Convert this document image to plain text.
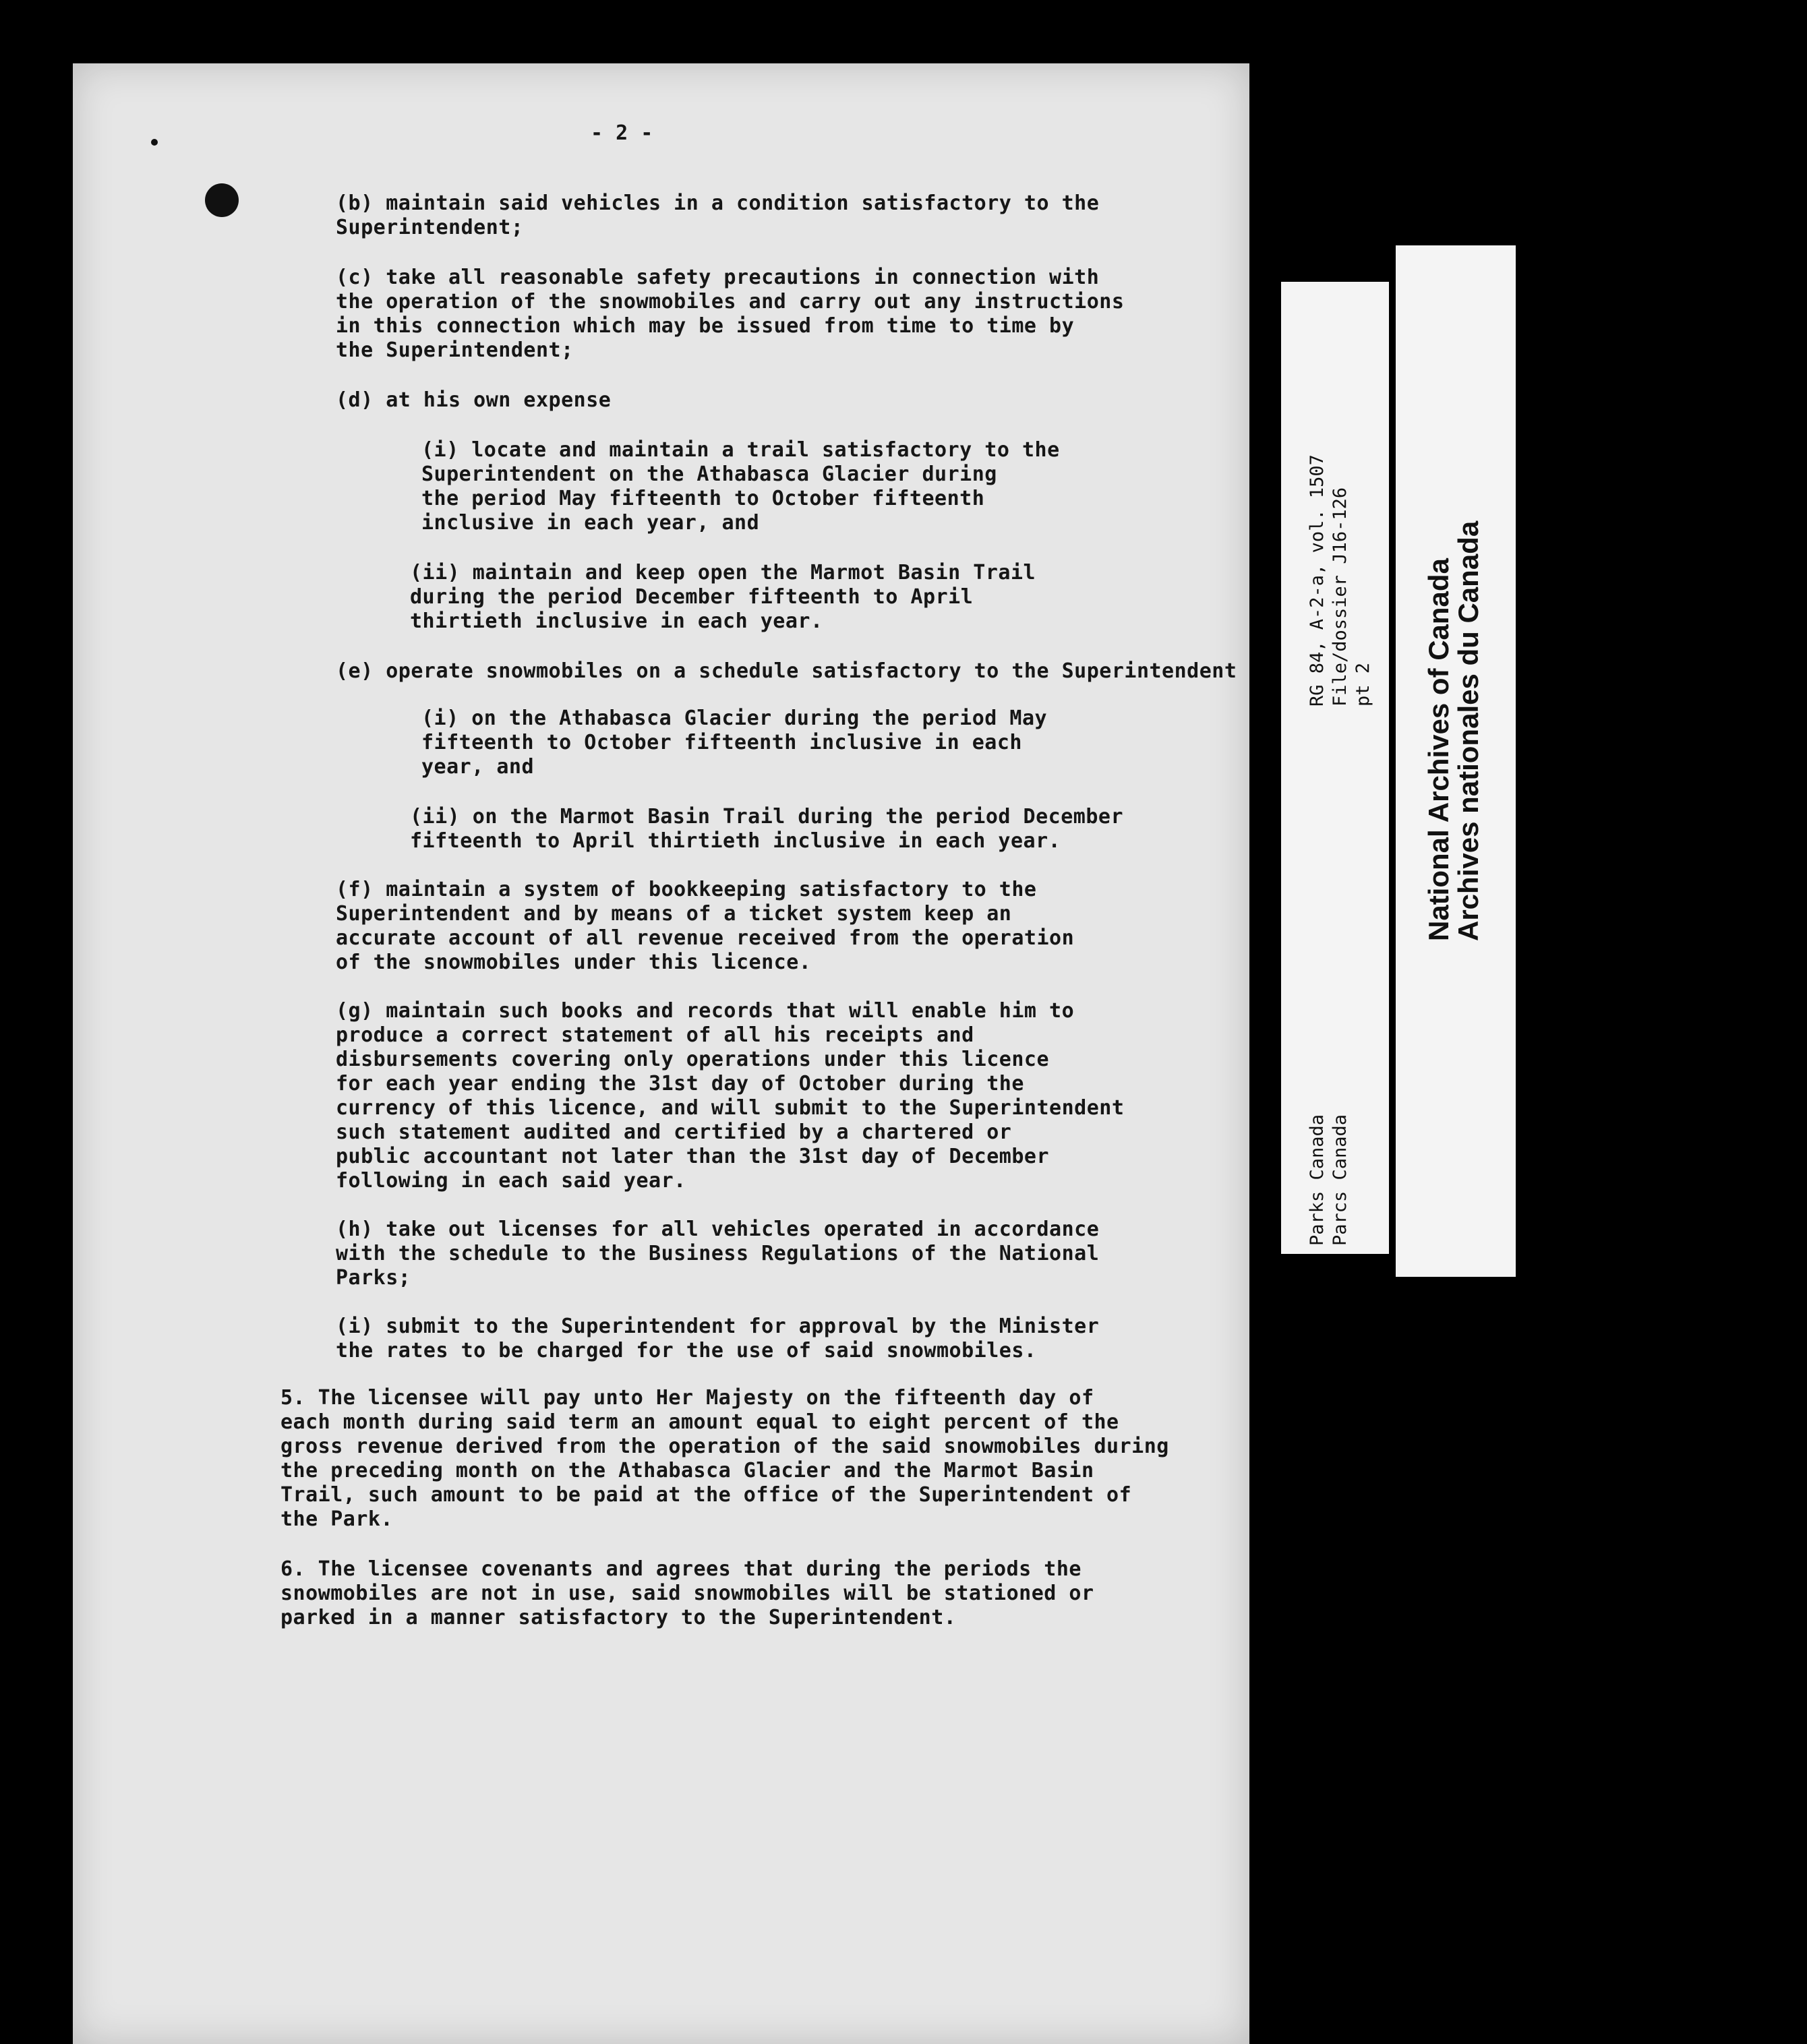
- 2 -
(b) maintain said vehicles in a condition satisfactory to the
Superintendent;
(c) take all reasonable safety precautions in connection with
the operation of the snowmobiles and carry out any instructions
in this connection which may be issued from time to time by
the Superintendent;
(d) at his own expense
(i) locate and maintain a trail satisfactory to the
Superintendent on the Athabasca Glacier during
the period May fifteenth to October fifteenth
inclusive in each year, and
(ii) maintain and keep open the Marmot Basin Trail
during the period December fifteenth to April
thirtieth inclusive in each year.
(e) operate snowmobiles on a schedule satisfactory to the Superintendent
(i) on the Athabasca Glacier during the period May
fifteenth to October fifteenth inclusive in each
year, and
(ii) on the Marmot Basin Trail during the period December
fifteenth to April thirtieth inclusive in each year.
(f) maintain a system of bookkeeping satisfactory to the
Superintendent and by means of a ticket system keep an
accurate account of all revenue received from the operation
of the snowmobiles under this licence.
(g) maintain such books and records that will enable him to
produce a correct statement of all his receipts and
disbursements covering only operations under this licence
for each year ending the 31st day of October during the
currency of this licence, and will submit to the Superintendent
such statement audited and certified by a chartered or
public accountant not later than the 31st day of December
following in each said year.
(h) take out licenses for all vehicles operated in accordance
with the schedule to the Business Regulations of the National
Parks;
(i) submit to the Superintendent for approval by the Minister
the rates to be charged for the use of said snowmobiles.
5. The licensee will pay unto Her Majesty on the fifteenth day of
each month during said term an amount equal to eight percent of the
gross revenue derived from the operation of the said snowmobiles during
the preceding month on the Athabasca Glacier and the Marmot Basin
Trail, such amount to be paid at the office of the Superintendent of
the Park.
6. The licensee covenants and agrees that during the periods the
snowmobiles are not in use, said snowmobiles will be stationed or
parked in a manner satisfactory to the Superintendent.
RG 84, A-2-a, vol. 1507 File/dossier J16-126 pt 2
Parks Canada Parcs Canada
National Archives of Canada
Archives nationales du Canada
